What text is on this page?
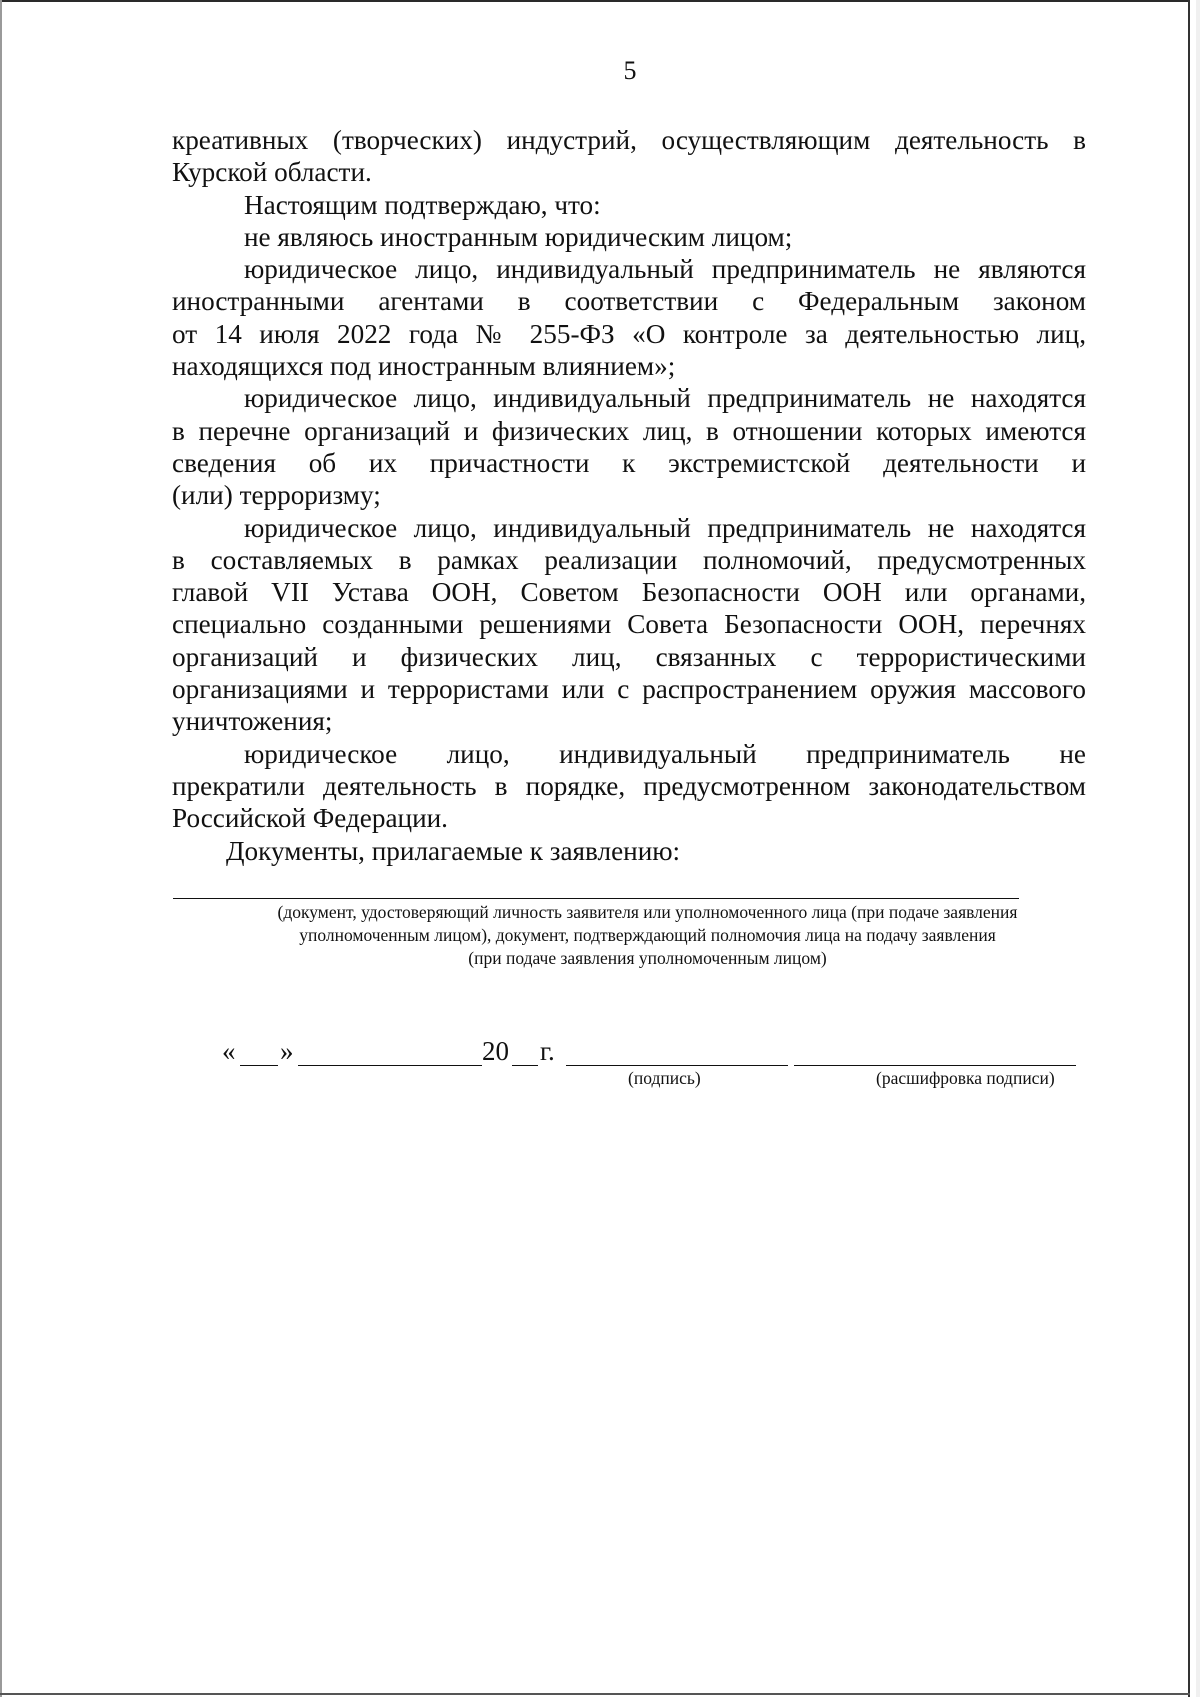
5

креативных (творческих) индустрий, осуществляющим деятельность в
Курской области.

Настоящим подтверждаю, что:

не являюсь иностранным юридическим лицом;

юридическое лицо, индивидуальный предприниматель не являются
иностранными агентами в соответствии с Федеральным законом
от 14 июля 2022 года № 255-ФЗ «О контроле за деятельностью лиц,
находящихся под иностранным влиянием»;

юридическое лицо, индивидуальный предприниматель не находятся
в перечне организаций и физических лиц, в отношении которых имеются
сведения об их причастности к экстремистской деятельности и
(или) терроризму;

юридическое лицо, индивидуальный предприниматель не находятся
в составляемых в рамках реализации полномочий, предусмотренных
главой VII Устава ООН, Советом Безопасности ООН или органами,
специально созданными решениями Совета Безопасности ООН, перечнях
организаций и физических лиц, связанных с террористическими
организациями и террористами или с распространением оружия массового
уничтожения;

юридическое лицо, индивидуальный предприниматель не
прекратили деятельность в порядке, предусмотренном законодательством
Российской Федерации.

Документы, прилагаемые к заявлению:

(документ, удостоверяющий личность заявителя или уполномоченного лица (при подаче заявления
уполномоченным лицом), документ, подтверждающий полномочия лица на подачу заявления
(при подаче заявления уполномоченным лицом)
« »	20 г.
(подпись)	(расшифровка подписи)
